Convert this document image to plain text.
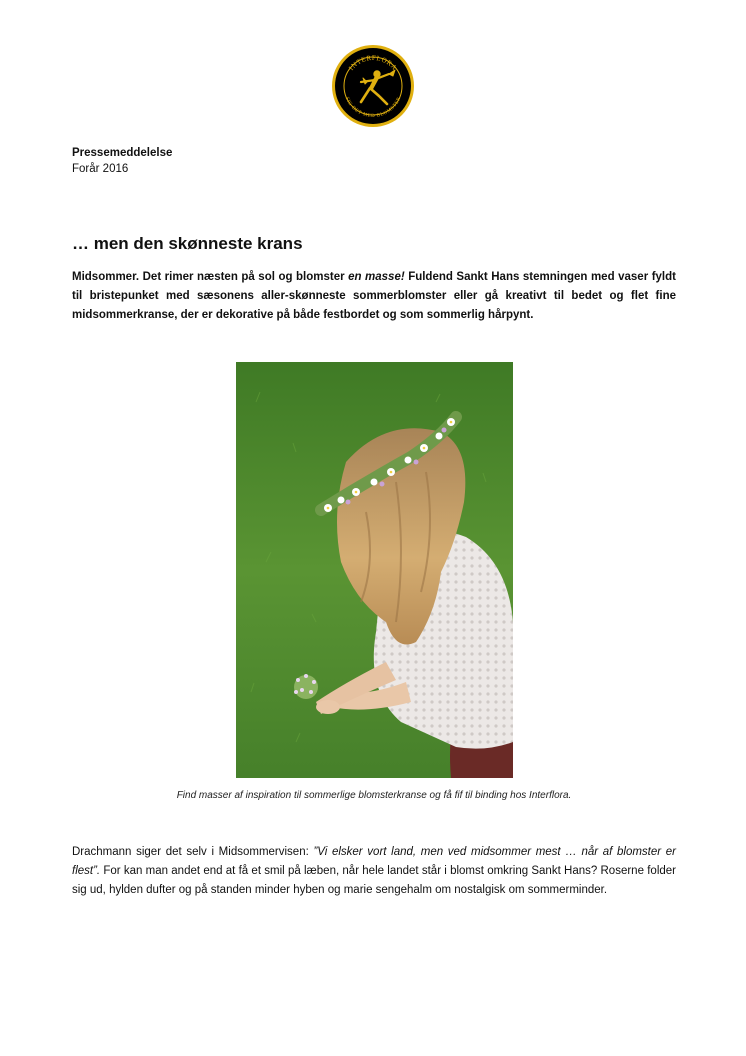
INTERFLORA
SIG DET MED BLOMSTER
Pressemeddelelse
Forår 2016
… men den skønneste krans

Midsommer. Det rimer næsten på sol og blomster en masse! Fuldend Sankt Hans stemningen med vaser fyldt til bristepunket med sæsonens aller-skønneste sommerblomster eller gå kreativt til bedet og flet fine midsommerkranse, der er dekorative på både festbordet og som sommerlig hårpynt.

Find masser af inspiration til sommerlige blomsterkranse og få fif til binding hos Interflora.

Drachmann siger det selv i Midsommervisen: ”Vi elsker vort land, men ved midsommer mest … når af blomster er flest”. For kan man andet end at få et smil på læben, når hele landet står i blomst omkring Sankt Hans? Roserne folder sig ud, hylden dufter og på standen minder hyben og marie sengehalm om nostalgisk om sommerminder.
